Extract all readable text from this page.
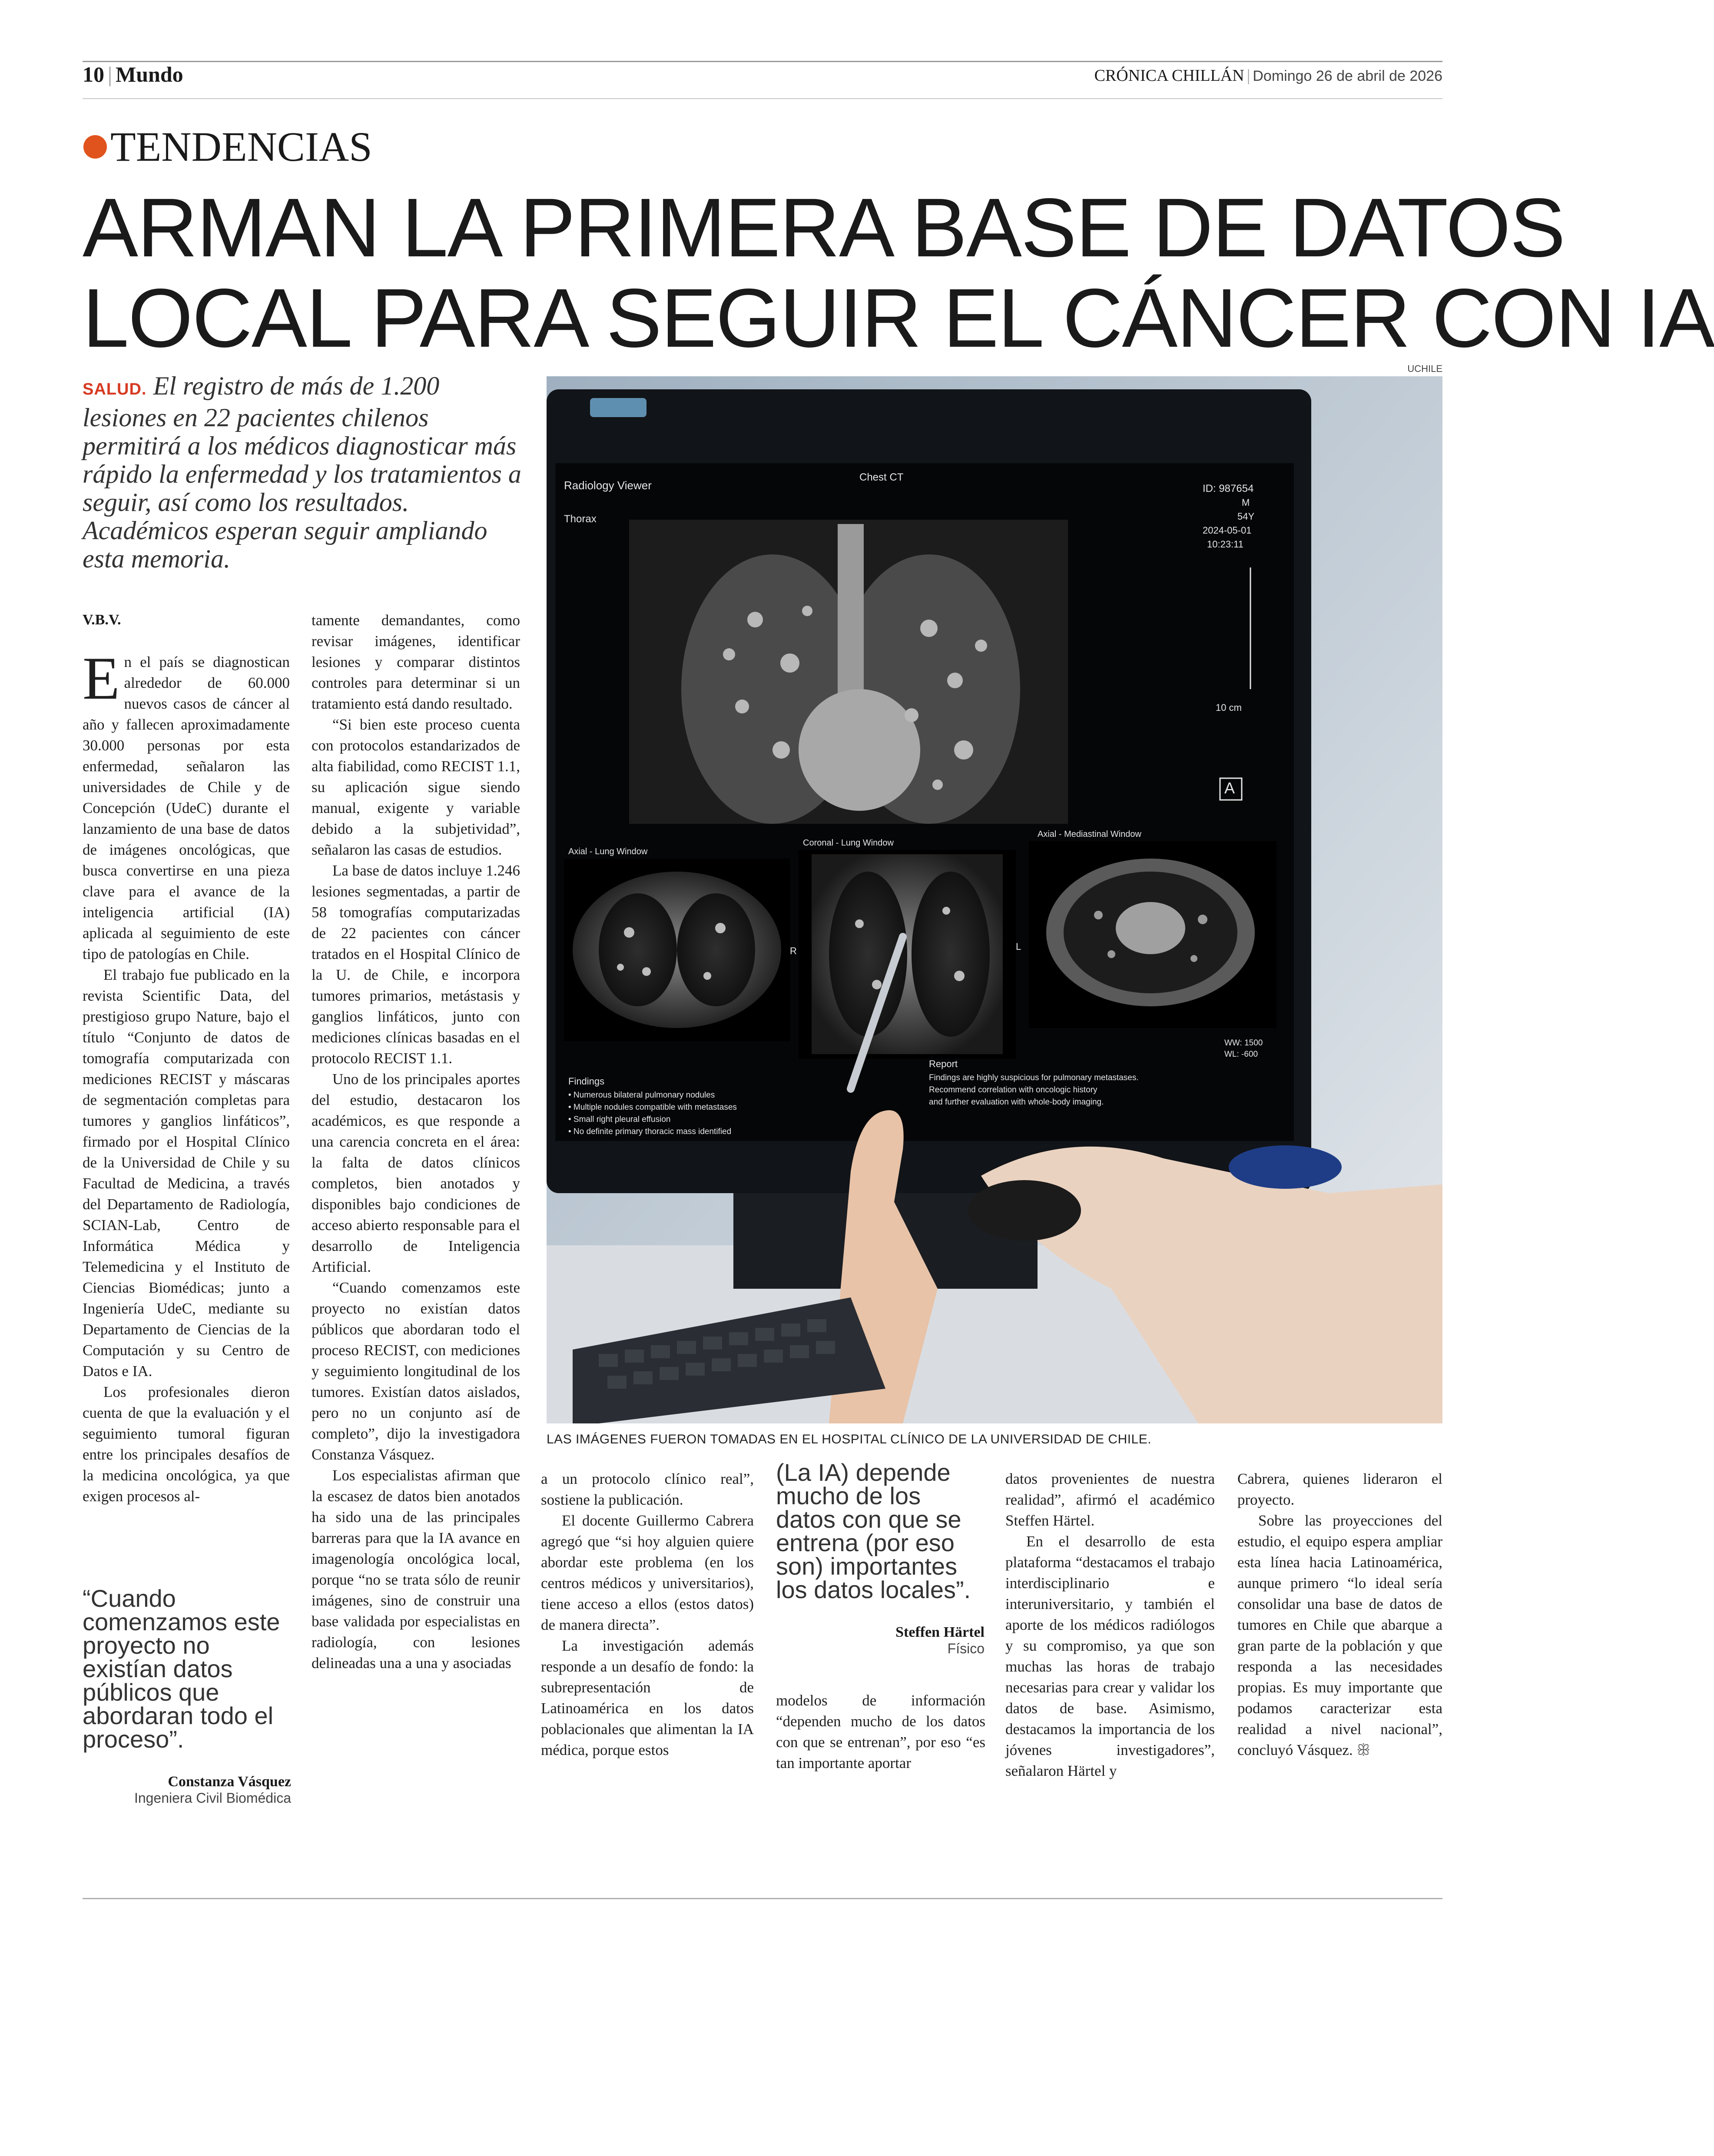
10 | Mundo	CRÓNICA CHILLÁN | Domingo 26 de abril de 2026
TENDENCIAS
ARMAN LA PRIMERA BASE DE DATOS
LOCAL PARA SEGUIR EL CÁNCER CON IA
SALUD. El registro de más de 1.200 lesiones en 22 pacientes chilenos permitirá a los médicos diagnosticar más rápido la enfermedad y los tratamientos a seguir, así como los resultados. Académicos esperan seguir ampliando esta memoria.
UCHILE
Radiology Viewer
Chest CT
Thorax
ID: 987654
M
54Y
2024-05-01
10:23:11
10 cm
A
Axial - Lung Window
Coronal - Lung Window
Axial - Mediastinal Window
R	L
Findings
• Numerous bilateral pulmonary nodules
• Multiple nodules compatible with metastases
• Small right pleural effusion
• No definite primary thoracic mass identified
Report
Findings are highly suspicious for pulmonary metastases.
Recommend correlation with oncologic history
and further evaluation with whole-body imaging.
WW: 1500
WL: -600
LAS IMÁGENES FUERON TOMADAS EN EL HOSPITAL CLÍNICO DE LA UNIVERSIDAD DE CHILE.
V.B.V.

En el país se diagnostican alrededor de 60.000 nuevos casos de cáncer al año y fallecen aproximadamente 30.000 personas por esta enfermedad, señalaron las universidades de Chile y de Concepción (UdeC) durante el lanzamiento de una base de datos de imágenes oncológicas, que busca convertirse en una pieza clave para el avance de la inteligencia artificial (IA) aplicada al seguimiento de este tipo de patologías en Chile.

El trabajo fue publicado en la revista Scientific Data, del prestigioso grupo Nature, bajo el título “Conjunto de datos de tomografía computarizada con mediciones RECIST y máscaras de segmentación completas para tumores y ganglios linfáticos”, firmado por el Hospital Clínico de la Universidad de Chile y su Facultad de Medicina, a través del Departamento de Radiología, SCIAN-Lab, Centro de Informática Médica y Telemedicina y el Instituto de Ciencias Biomédicas; junto a Ingeniería UdeC, mediante su Departamento de Ciencias de la Computación y su Centro de Datos e IA.

Los profesionales dieron cuenta de que la evaluación y el seguimiento tumoral figuran entre los principales desafíos de la medicina oncológica, ya que exigen procesos al-

“Cuando comenzamos este proyecto no existían datos públicos que abordaran todo el proceso”.
Constanza Vásquez
Ingeniera Civil Biomédica

tamente demandantes, como revisar imágenes, identificar lesiones y comparar distintos controles para determinar si un tratamiento está dando resultado.

“Si bien este proceso cuenta con protocolos estandarizados de alta fiabilidad, como RECIST 1.1, su aplicación sigue siendo manual, exigente y variable debido a la subjetividad”, señalaron las casas de estudios.

La base de datos incluye 1.246 lesiones segmentadas, a partir de 58 tomografías computarizadas de 22 pacientes con cáncer tratados en el Hospital Clínico de la U. de Chile, e incorpora tumores primarios, metástasis y ganglios linfáticos, junto con mediciones clínicas basadas en el protocolo RECIST 1.1.

Uno de los principales aportes del estudio, destacaron los académicos, es que responde a una carencia concreta en el área: la falta de datos clínicos completos, bien anotados y disponibles bajo condiciones de acceso abierto responsable para el desarrollo de Inteligencia Artificial.

“Cuando comenzamos este proyecto no existían datos públicos que abordaran todo el proceso RECIST, con mediciones y seguimiento longitudinal de los tumores. Existían datos aislados, pero no un conjunto así de completo”, dijo la investigadora Constanza Vásquez.

Los especialistas afirman que la escasez de datos bien anotados ha sido una de las principales barreras para que la IA avance en imagenología oncológica local, porque “no se trata sólo de reunir imágenes, sino de construir una base validada por especialistas en radiología, con lesiones delineadas una a una y asociadas

a un protocolo clínico real”, sostiene la publicación.

El docente Guillermo Cabrera agregó que “si hoy alguien quiere abordar este problema (en los centros médicos y universitarios), tiene acceso a ellos (estos datos) de manera directa”.

La investigación además responde a un desafío de fondo: la subrepresentación de Latinoamérica en los datos poblacionales que alimentan la IA médica, porque estos

(La IA) depende mucho de los datos con que se entrena (por eso son) importantes los datos locales”.
Steffen Härtel
Físico

modelos de información “dependen mucho de los datos con que se entrenan”, por eso “es tan importante aportar

datos provenientes de nuestra realidad”, afirmó el académico Steffen Härtel.

En el desarrollo de esta plataforma “destacamos el trabajo interdisciplinario e interuniversitario, y también el aporte de los médicos radiólogos y su compromiso, ya que son muchas las horas de trabajo necesarias para crear y validar los datos de base. Asimismo, destacamos la importancia de los jóvenes investigadores”, señalaron Härtel y

Cabrera, quienes lideraron el proyecto.

Sobre las proyecciones del estudio, el equipo espera ampliar esta línea hacia Latinoamérica, aunque primero “lo ideal sería consolidar una base de datos de tumores en Chile que abarque a gran parte de la población y que responda a las necesidades propias. Es muy importante que podamos caracterizar esta realidad a nivel nacional”, concluyó Vásquez. ꕥ
